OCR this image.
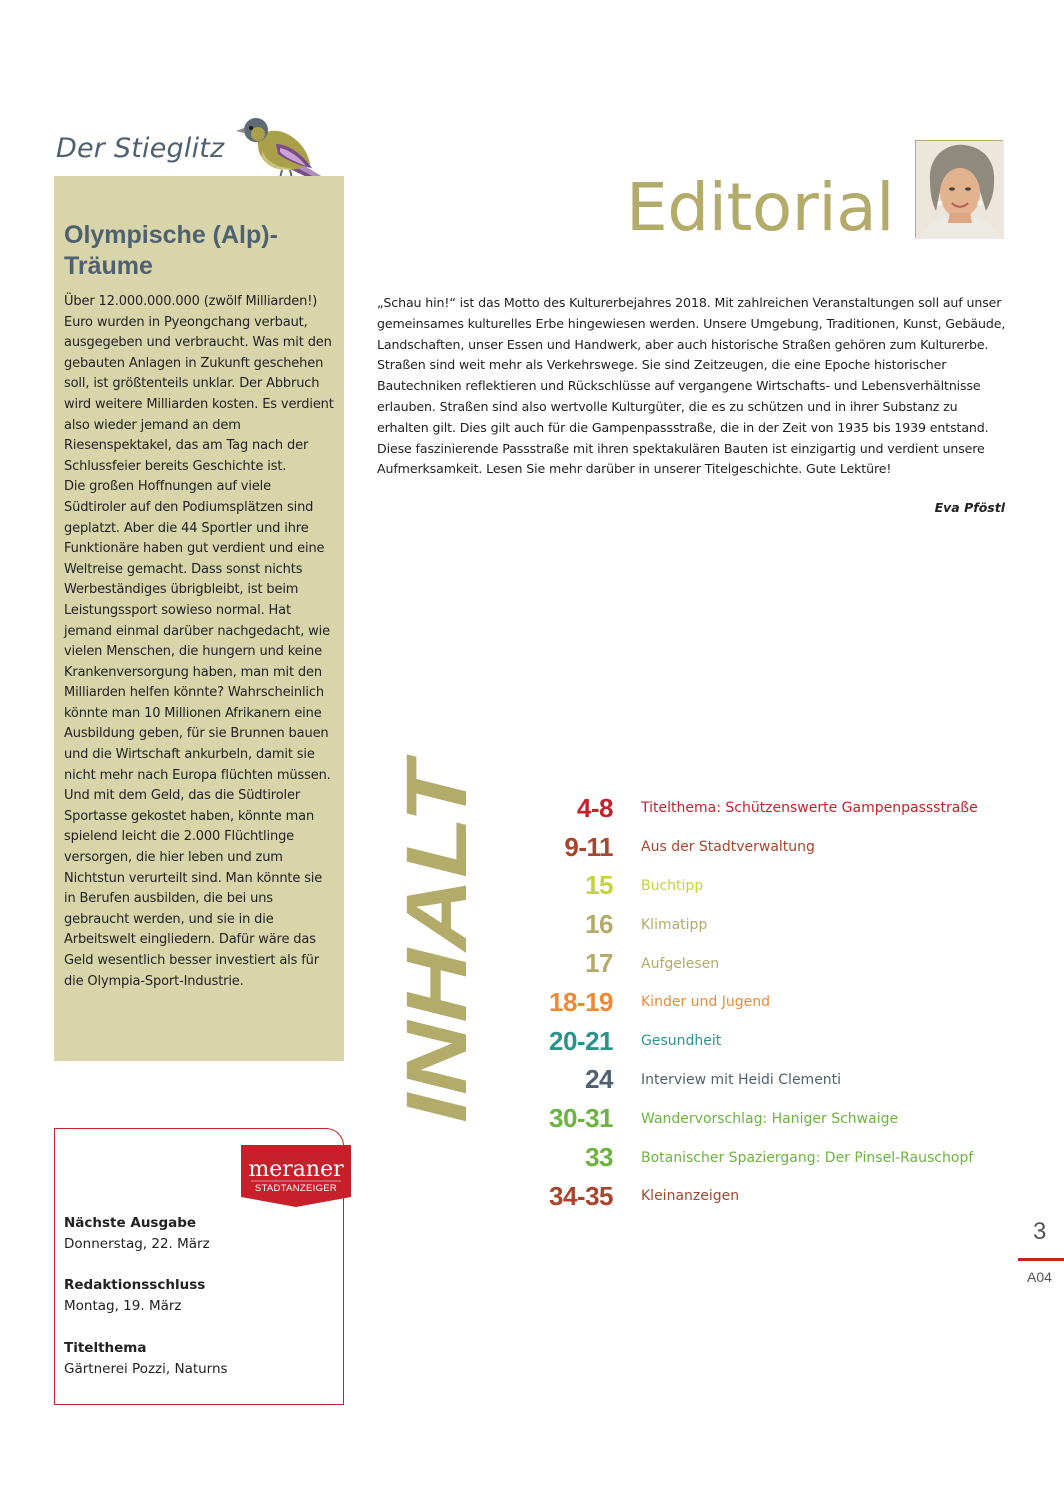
Der Stieglitz
Olympische (Alp)-Träume

Über 12.000.000.000 (zwölf Milliarden!) Euro wurden in Pyeongchang verbaut, ausgegeben und verbraucht. Was mit den gebauten Anlagen in Zukunft geschehen soll, ist größtenteils unklar. Der Abbruch wird weitere Milliarden kosten. Es verdient also wieder jemand an dem Riesenspektakel, das am Tag nach der Schlussfeier bereits Geschichte ist.
Die großen Hoffnungen auf viele Südtiroler auf den Podiumsplätzen sind geplatzt. Aber die 44 Sportler und ihre Funktionäre haben gut verdient und eine Weltreise gemacht. Dass sonst nichts Werbeständiges übrigbleibt, ist beim Leistungssport sowieso normal. Hat jemand einmal darüber nachgedacht, wie vielen Menschen, die hungern und keine Krankenversorgung haben, man mit den Milliarden helfen könnte? Wahrscheinlich könnte man 10 Millionen Afrikanern eine Ausbildung geben, für sie Brunnen bauen und die Wirtschaft ankurbeln, damit sie nicht mehr nach Europa flüchten müssen. Und mit dem Geld, das die Südtiroler Sportasse gekostet haben, könnte man spielend leicht die 2.000 Flüchtlinge versorgen, die hier leben und zum Nichtstun verurteilt sind. Man könnte sie in Berufen ausbilden, die bei uns gebraucht werden, und sie in die Arbeitswelt eingliedern. Dafür wäre das Geld wesentlich besser investiert als für die Olympia-Sport-Industrie.

Editorial

„Schau hin!“ ist das Motto des Kulturerbejahres 2018. Mit zahlreichen Veranstaltungen soll auf unser gemeinsames kulturelles Erbe hingewiesen werden. Unsere Umgebung, Traditionen, Kunst, Gebäude, Landschaften, unser Essen und Handwerk, aber auch historische Straßen gehören zum Kulturerbe. Straßen sind weit mehr als Verkehrswege. Sie sind Zeitzeugen, die eine Epoche historischer Bautechniken reflektieren und Rückschlüsse auf vergangene Wirtschafts- und Lebensverhältnisse erlauben. Straßen sind also wertvolle Kulturgüter, die es zu schützen und in ihrer Substanz zu erhalten gilt. Dies gilt auch für die Gampenpassstraße, die in der Zeit von 1935 bis 1939 entstand. Diese faszinierende Passstraße mit ihren spektakulären Bauten ist einzigartig und verdient unsere Aufmerksamkeit. Lesen Sie mehr darüber in unserer Titelgeschichte. Gute Lektüre!

Eva Pföstl

INHALT	4-8 Titelthema: Schützenswerte Gampenpassstraße
9-11 Aus der Stadtverwaltung
15 Buchtipp
16 Klimatipp
17 Aufgelesen
18-19 Kinder und Jugend
20-21 Gesundheit
24 Interview mit Heidi Clementi
30-31 Wandervorschlag: Haniger Schwaige
33 Botanischer Spaziergang: Der Pinsel-Rauschopf
34-35 Kleinanzeigen
meraner
STADTANZEIGER

Nächste Ausgabe

Donnerstag, 22. März

Redaktionsschluss

Montag, 19. März

Titelthema

Gärtnerei Pozzi, Naturns

3

A04
